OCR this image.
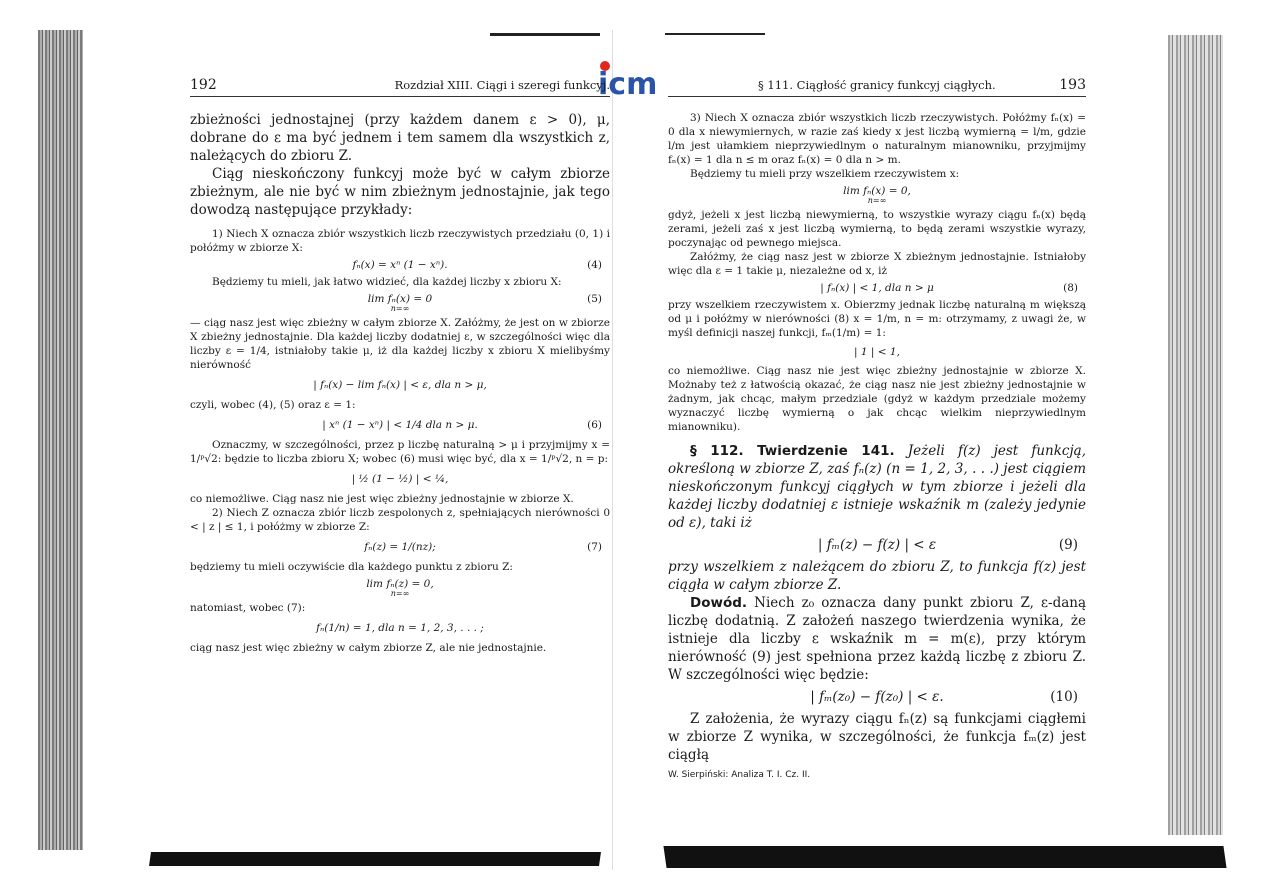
icm
192	Rozdział XIII. Ciągi i szeregi funkcyj.

zbieżności jednostajnej (przy każdem danem ε > 0), μ, dobrane do ε ma być jednem i tem samem dla wszystkich z, należących do zbioru Z.

Ciąg nieskończony funkcyj może być w całym zbiorze zbieżnym, ale nie być w nim zbieżnym jednostajnie, jak tego dowodzą następujące przykłady:

1) Niech X oznacza zbiór wszystkich liczb rzeczywistych przedziału (0, 1) i połóżmy w zbiorze X:

fₙ(x) = xⁿ (1 − xⁿ).	(4)

Będziemy tu mieli, jak łatwo widzieć, dla każdej liczby x zbioru X:

lim fₙ(x) = 0	(5)
n=∞

— ciąg nasz jest więc zbieżny w całym zbiorze X. Załóżmy, że jest on w zbiorze X zbieżny jednostajnie. Dla każdej liczby dodatniej ε, w szczególności więc dla liczby ε = 1/4, istniałoby takie μ, iż dla każdej liczby x zbioru X mielibyśmy nierówność

| fₙ(x) − lim fₙ(x) | < ε, dla n > μ,

czyli, wobec (4), (5) oraz ε = 1:

| xⁿ (1 − xⁿ) | < 1/4 dla n > μ.	(6)

Oznaczmy, w szczególności, przez p liczbę naturalną > μ i przyjmijmy x = 1/ᵖ√2: będzie to liczba zbioru X; wobec (6) musi więc być, dla x = 1/ᵖ√2, n = p:

| ½ (1 − ½) | < ¼,

co niemożliwe. Ciąg nasz nie jest więc zbieżny jednostajnie w zbiorze X.

2) Niech Z oznacza zbiór liczb zespolonych z, spełniających nierówności 0 < | z | ≤ 1, i połóżmy w zbiorze Z:

fₙ(z) = 1/(nz);	(7)

będziemy tu mieli oczywiście dla każdego punktu z zbioru Z:

lim fₙ(z) = 0,
n=∞

natomiast, wobec (7):

fₙ(1/n) = 1, dla n = 1, 2, 3, . . . ;

ciąg nasz jest więc zbieżny w całym zbiorze Z, ale nie jednostajnie.

§ 111. Ciągłość granicy funkcyj ciągłych.	193

3) Niech X oznacza zbiór wszystkich liczb rzeczywistych. Połóżmy fₙ(x) = 0 dla x niewymiernych, w razie zaś kiedy x jest liczbą wymierną = l/m, gdzie l/m jest ułamkiem nieprzywiedlnym o naturalnym mianowniku, przyjmijmy fₙ(x) = 1 dla n ≤ m oraz fₙ(x) = 0 dla n > m.

Będziemy tu mieli przy wszelkiem rzeczywistem x:

lim fₙ(x) = 0,
n=∞

gdyż, jeżeli x jest liczbą niewymierną, to wszystkie wyrazy ciągu fₙ(x) będą zerami, jeżeli zaś x jest liczbą wymierną, to będą zerami wszystkie wyrazy, poczynając od pewnego miejsca.

Załóżmy, że ciąg nasz jest w zbiorze X zbieżnym jednostajnie. Istniałoby więc dla ε = 1 takie μ, niezależne od x, iż

| fₙ(x) | < 1, dla n > μ	(8)

przy wszelkiem rzeczywistem x. Obierzmy jednak liczbę naturalną m większą od μ i połóżmy w nierówności (8) x = 1/m, n = m: otrzymamy, z uwagi że, w myśl definicji naszej funkcji, fₘ(1/m) = 1:

| 1 | < 1,

co niemożliwe. Ciąg nasz nie jest więc zbieżny jednostajnie w zbiorze X. Możnaby też z łatwością okazać, że ciąg nasz nie jest zbieżny jednostajnie w żadnym, jak chcąc, małym przedziale (gdyż w każdym przedziale możemy wyznaczyć liczbę wymierną o jak chcąc wielkim nieprzywiedlnym mianowniku).

§ 112. Twierdzenie 141. Jeżeli f(z) jest funkcją, określoną w zbiorze Z, zaś fₙ(z) (n = 1, 2, 3, . . .) jest ciągiem nieskończonym funkcyj ciągłych w tym zbiorze i jeżeli dla każdej liczby dodatniej ε istnieje wskaźnik m (zależy jedynie od ε), taki iż

| fₘ(z) − f(z) | < ε	(9)

przy wszelkiem z należącem do zbioru Z, to funkcja f(z) jest ciągła w całym zbiorze Z.

Dowód. Niech z₀ oznacza dany punkt zbioru Z, ε-daną liczbę dodatnią. Z założeń naszego twierdzenia wynika, że istnieje dla liczby ε wskaźnik m = m(ε), przy którym nierówność (9) jest spełniona przez każdą liczbę z zbioru Z. W szczególności więc będzie:

| fₘ(z₀) − f(z₀) | < ε.	(10)

Z założenia, że wyrazy ciągu fₙ(z) są funkcjami ciągłemi w zbiorze Z wynika, w szczególności, że funkcja fₘ(z) jest ciągłą

W. Sierpiński: Analiza T. I. Cz. II.
